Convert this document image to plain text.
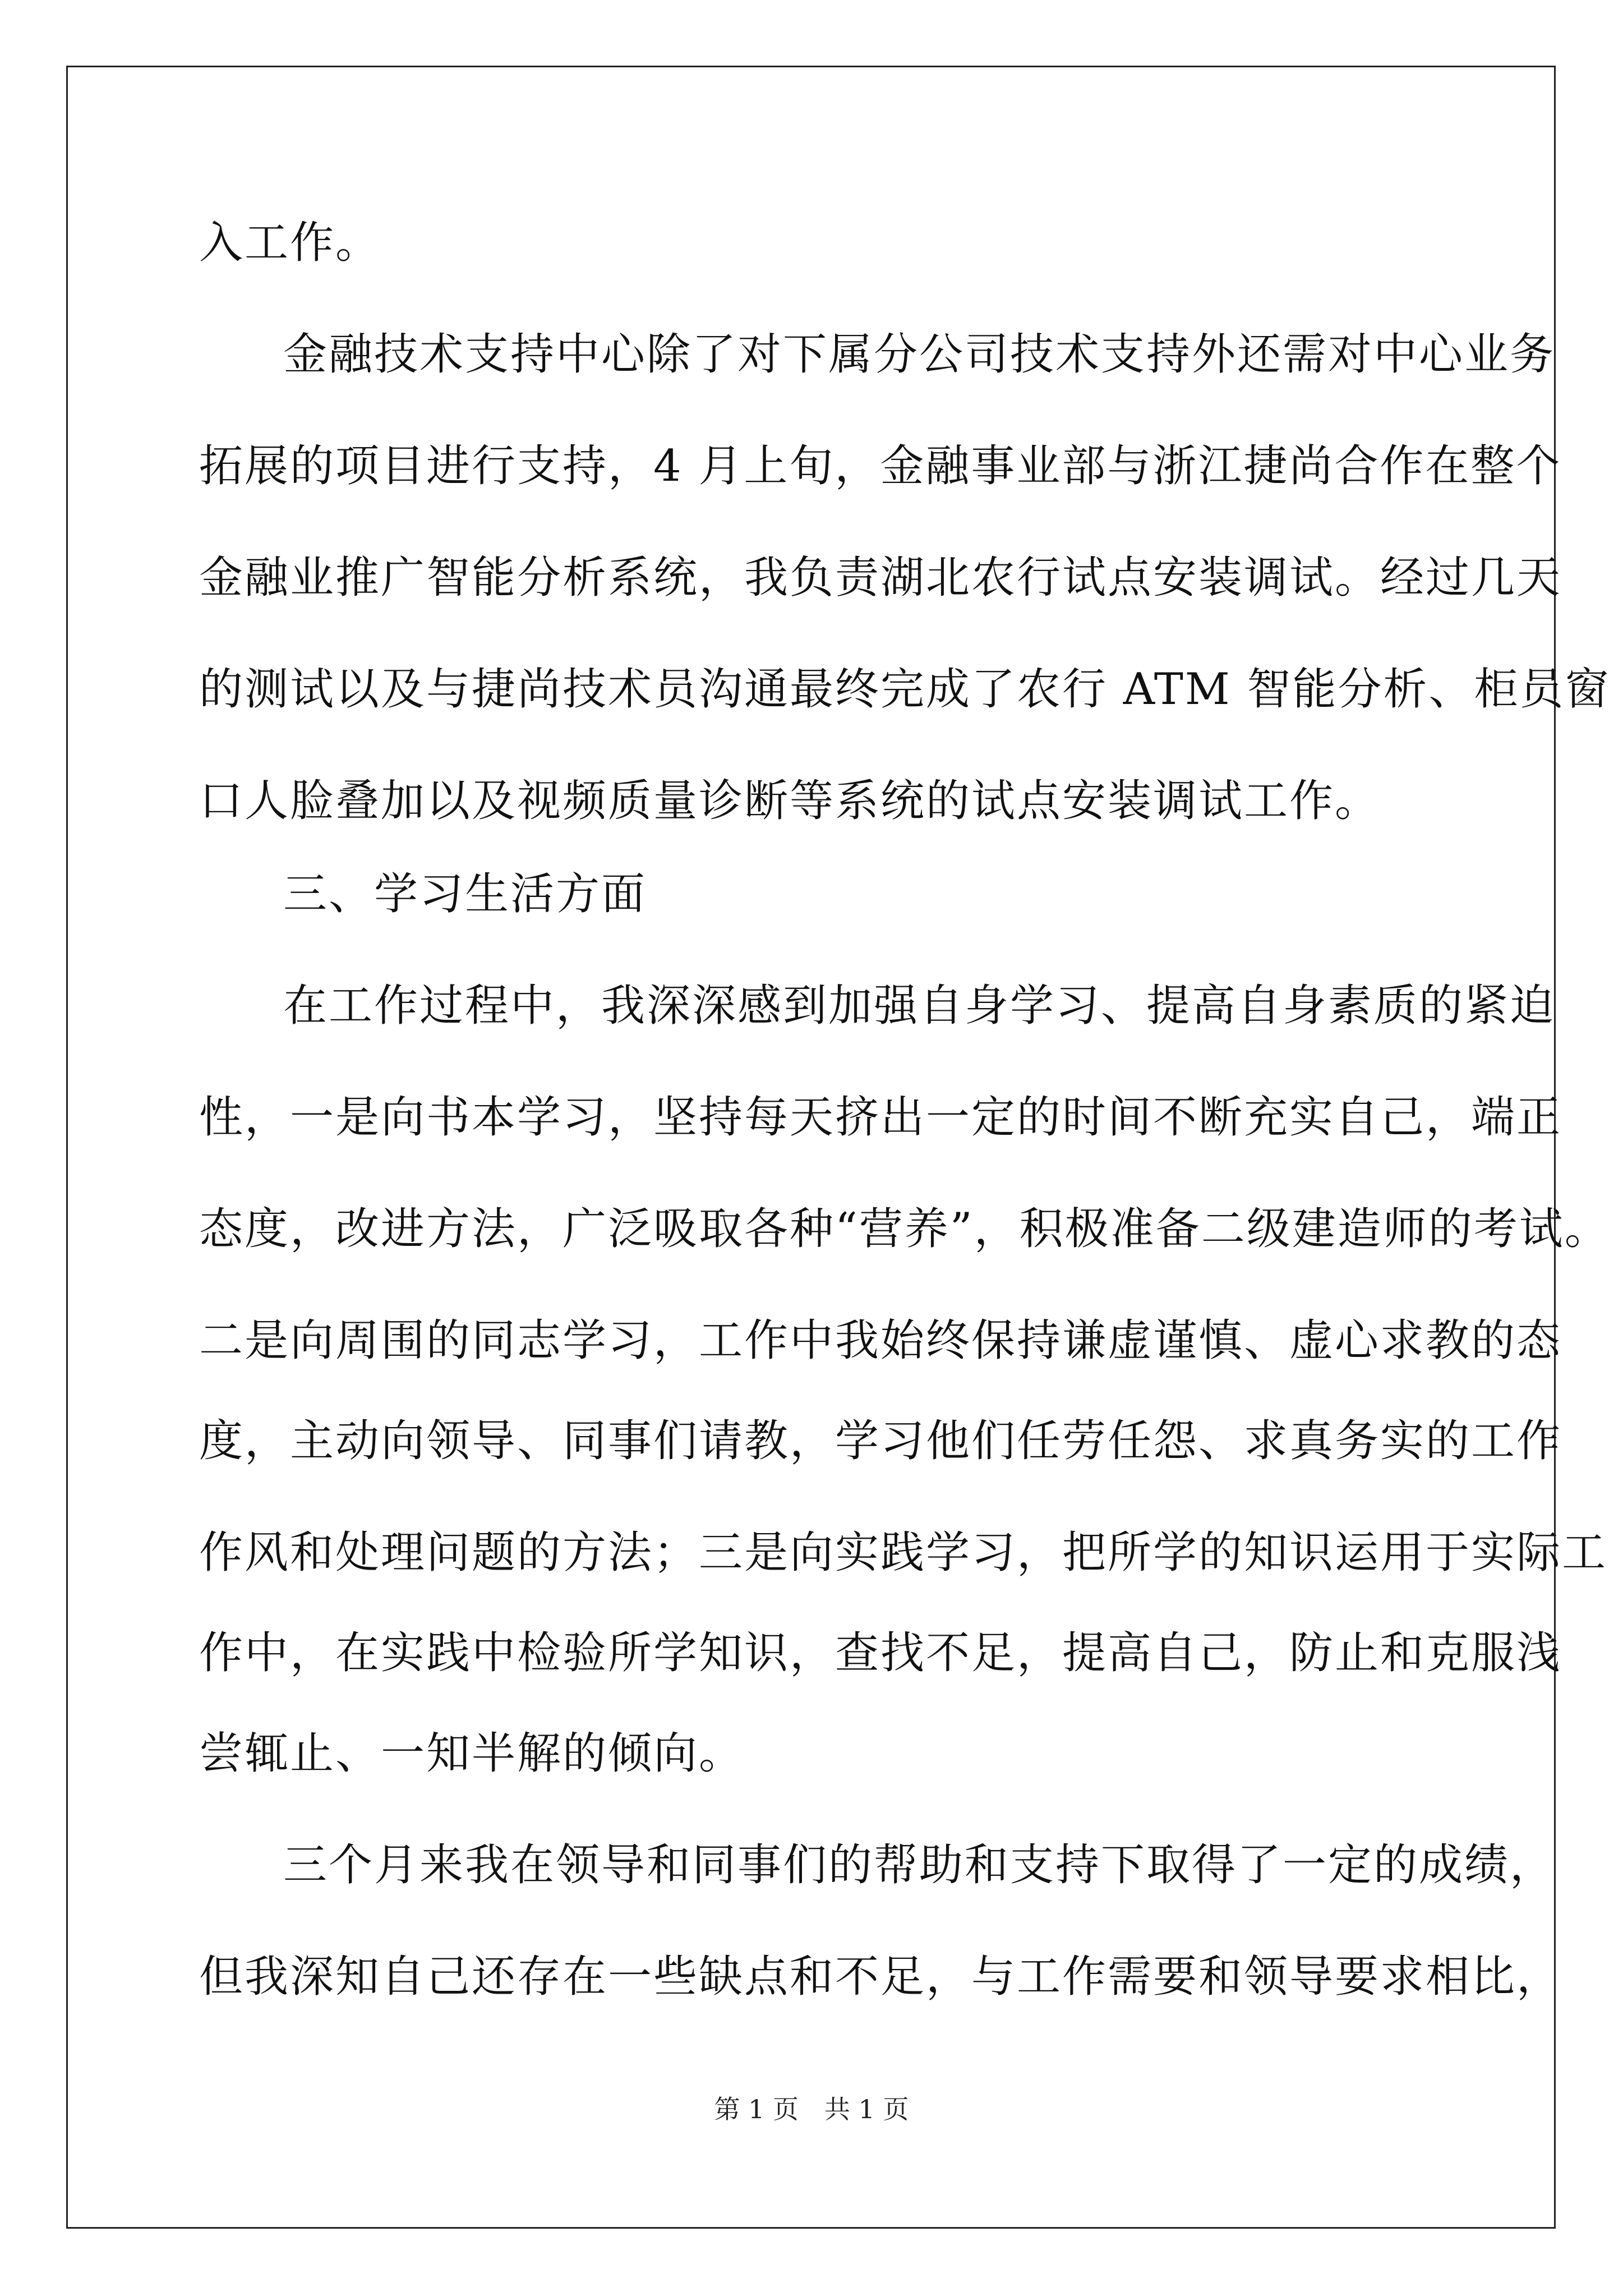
入工作。
金融技术支持中心除了对下属分公司技术支持外还需对中心业务
拓展的项目进行支持，4 月上旬，金融事业部与浙江捷尚合作在整个
金融业推广智能分析系统，我负责湖北农行试点安装调试。经过几天
的测试以及与捷尚技术员沟通最终完成了农行 ATM 智能分析、柜员窗
口人脸叠加以及视频质量诊断等系统的试点安装调试工作。
三、学习生活方面
在工作过程中，我深深感到加强自身学习、提高自身素质的紧迫
性，一是向书本学习，坚持每天挤出一定的时间不断充实自己，端正
态度，改进方法，广泛吸取各种“营养”，积极准备二级建造师的考试。
二是向周围的同志学习，工作中我始终保持谦虚谨慎、虚心求教的态
度，主动向领导、同事们请教，学习他们任劳任怨、求真务实的工作
作风和处理问题的方法；三是向实践学习，把所学的知识运用于实际工
作中，在实践中检验所学知识，查找不足，提高自己，防止和克服浅
尝辄止、一知半解的倾向。
三个月来我在领导和同事们的帮助和支持下取得了一定的成绩，
但我深知自己还存在一些缺点和不足，与工作需要和领导要求相比，
第 1 页　共 1 页
